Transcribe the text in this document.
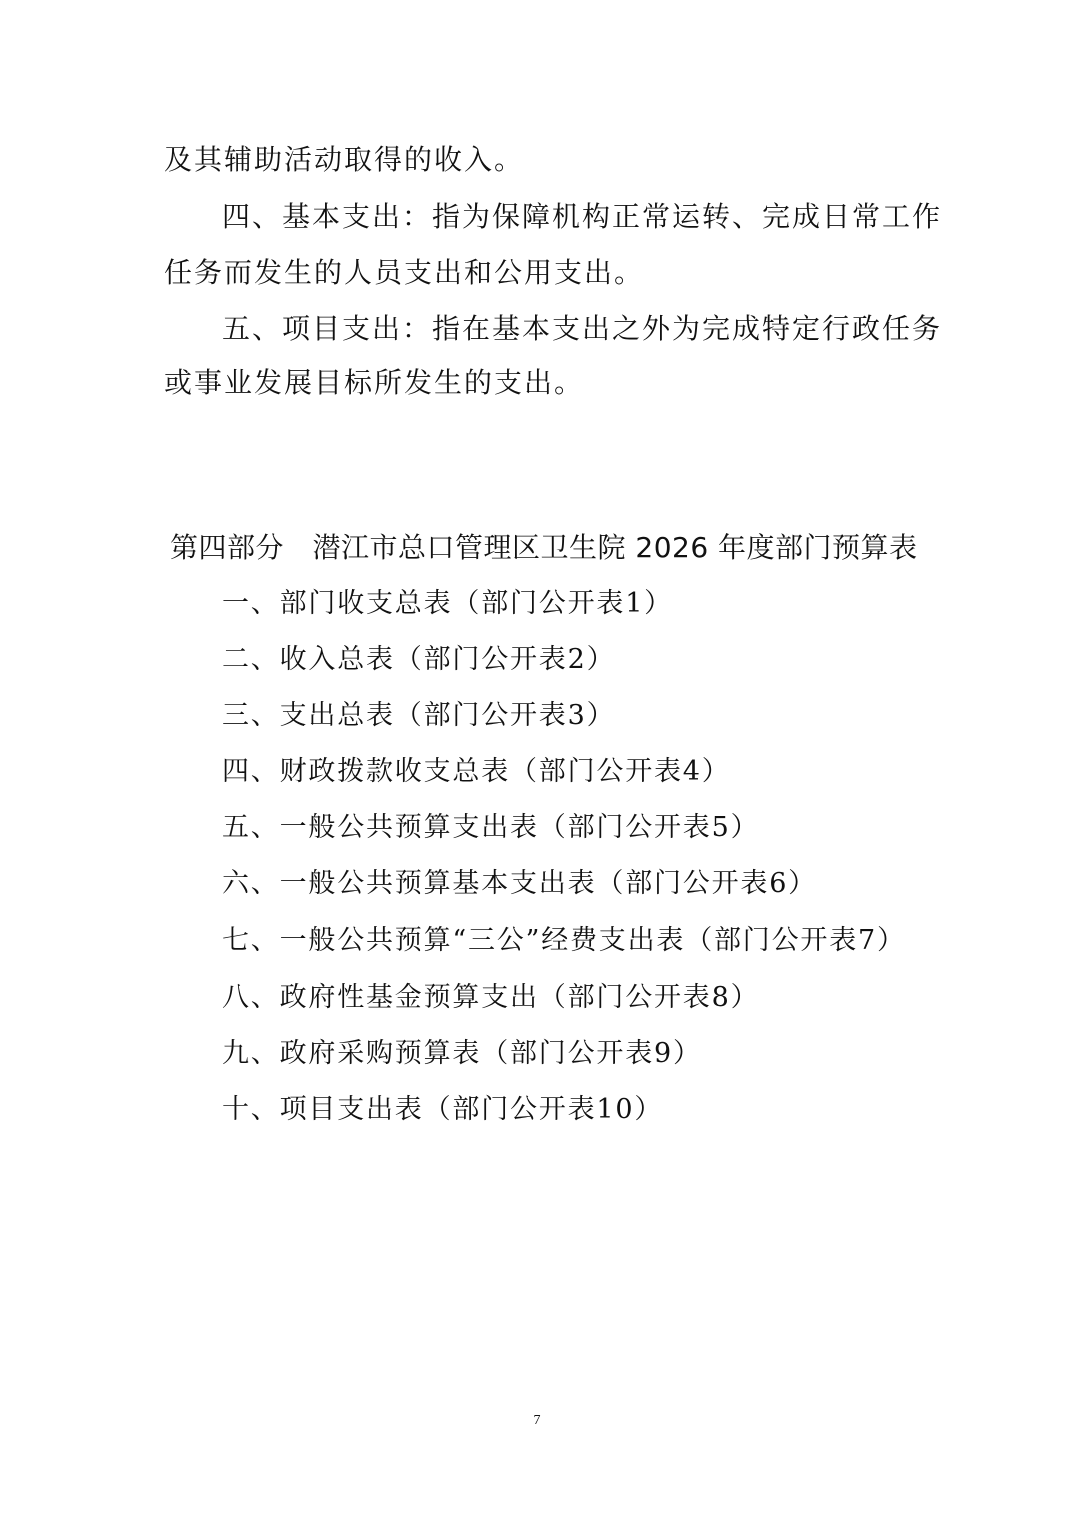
及其辅助活动取得的收入。
四、基本支出：指为保障机构正常运转、完成日常工作
任务而发生的人员支出和公用支出。
五、项目支出：指在基本支出之外为完成特定行政任务
或事业发展目标所发生的支出。
第四部分　潜江市总口管理区卫生院 2026 年度部门预算表
一、部门收支总表（部门公开表1）
二、收入总表（部门公开表2）
三、支出总表（部门公开表3）
四、财政拨款收支总表（部门公开表4）
五、一般公共预算支出表（部门公开表5）
六、一般公共预算基本支出表（部门公开表6）
七、一般公共预算“三公”经费支出表（部门公开表7）
八、政府性基金预算支出（部门公开表8）
九、政府采购预算表（部门公开表9）
十、项目支出表（部门公开表10）
7
